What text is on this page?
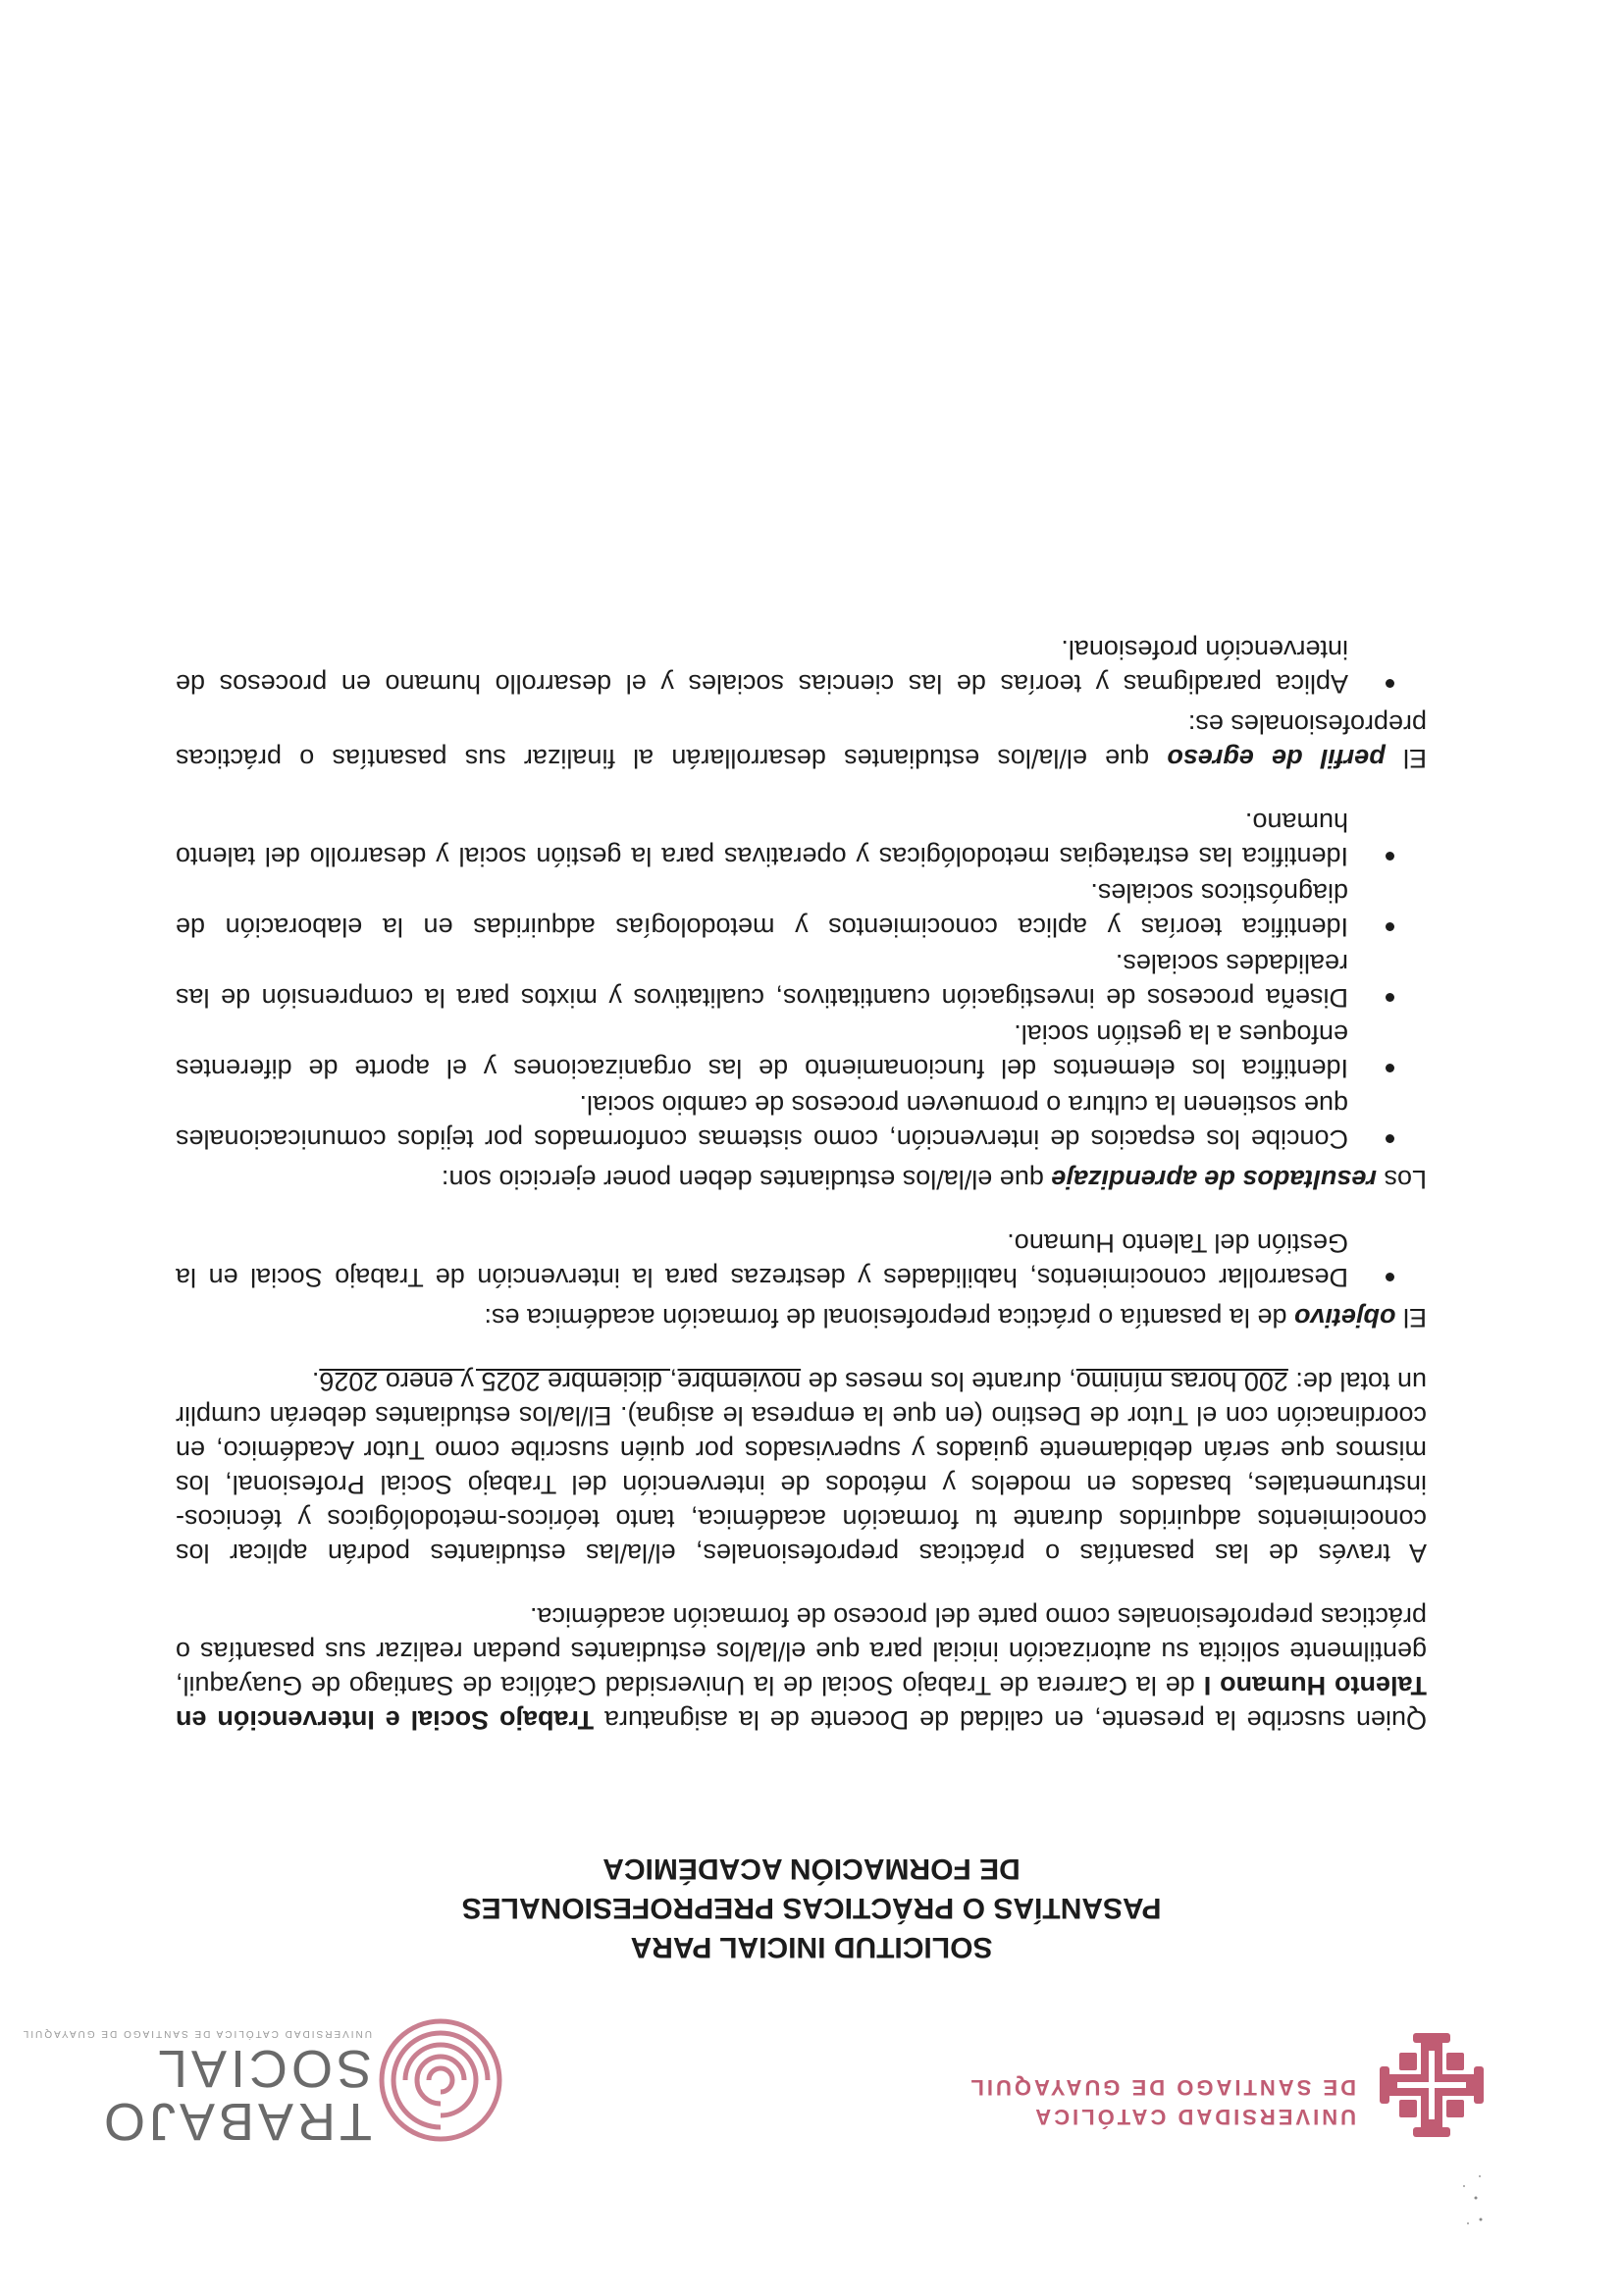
UNIVERSIDAD CATÓLICA
DE SANTIAGO DE GUAYAQUIL
TRABAJO
SOCIAL
UNIVERSIDAD CATÓLICA DE SANTIAGO DE GUAYAQUIL
SOLICITUD INICIAL PARA
PASANTÍAS O PRÁCTICAS PREPROFESIONALES
DE FORMACIÓN ACADÉMICA

Quien suscribe la presente, en calidad de Docente de la asignatura Trabajo Social e Intervención en Talento Humano I de la Carrera de Trabajo Social de la Universidad Católica de Santiago de Guayaquil, gentilmente solicita su autorización inicial para que el/la/los estudiantes puedan realizar sus pasantías o prácticas preprofesionales como parte del proceso de formación académica.

A través de las pasantías o prácticas preprofesionales, el/la/las estudiantes podrán aplicar los conocimientos adquiridos durante tu formación académica, tanto teóricos-metodológicos y técnicos-instrumentales, basados en modelos y métodos de intervención del Trabajo Social Profesional, los mismos que serán debidamente guiados y supervisados por quién suscribe como Tutor Académico, en coordinación con el Tutor de Destino (en que la empresa le asigna). El/la/los estudiantes deberán cumplir un total de: 200 horas mínimo, durante los meses de noviembre, diciembre 2025 y enero 2026.

El objetivo de la pasantía o práctica preprofesional de formación académica es:

Desarrollar conocimientos, habilidades y destrezas para la intervención de Trabajo Social en la Gestión del Talento Humano.

Los resultados de aprendizaje que el/la/los estudiantes deben poner ejercicio son:

Concibe los espacios de intervención, como sistemas conformados por tejidos comunicacionales que sostienen la cultura o promueven procesos de cambio social.
Identifica los elementos del funcionamiento de las organizaciones y el aporte de diferentes enfoques a la gestión social.
Diseña procesos de investigación cuantitativos, cualitativos y mixtos para la comprensión de las realidades sociales.
Identifica teorías y aplica conocimientos y metodologías adquiridas en la elaboración de diagnósticos sociales.
Identifica las estrategias metodológicas y operativas para la gestión social y desarrollo del talento humano.

El perfil de egreso que el/la/los estudiantes desarrollarán al finalizar sus pasantías o prácticas preprofesionales es:

Aplica paradigmas y teorías de las ciencias sociales y el desarrollo humano en procesos de intervención profesional.
